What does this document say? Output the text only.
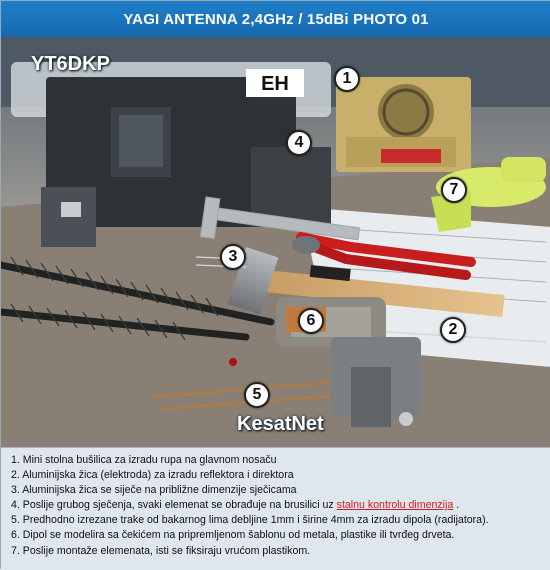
YAGI ANTENNA 2,4GHz / 15dBi PHOTO 01
EH
YT6DKP
KesatNet
1
2
3
4
5
6
7
1. Mini stolna bušilica za izradu rupa na glavnom nosaču
2. Aluminijska žica (elektroda) za izradu reflektora i direktora
3. Aluminijska žica se siječe na približne dimenzije sječicama
4. Poslije grubog sječenja, svaki elemenat se obrađuje na brusilici uz stalnu kontrolu dimenzija .
5. Predhodno izrezane trake od bakarnog lima debljine 1mm i širine 4mm za izradu dipola (radijatora).
6. Dipol se modelira sa čekićem na pripremljenom šablonu od metala, plastike ili tvrđeg drveta.
7. Poslije montaže elemenata, isti se fiksiraju vrućom plastikom.
